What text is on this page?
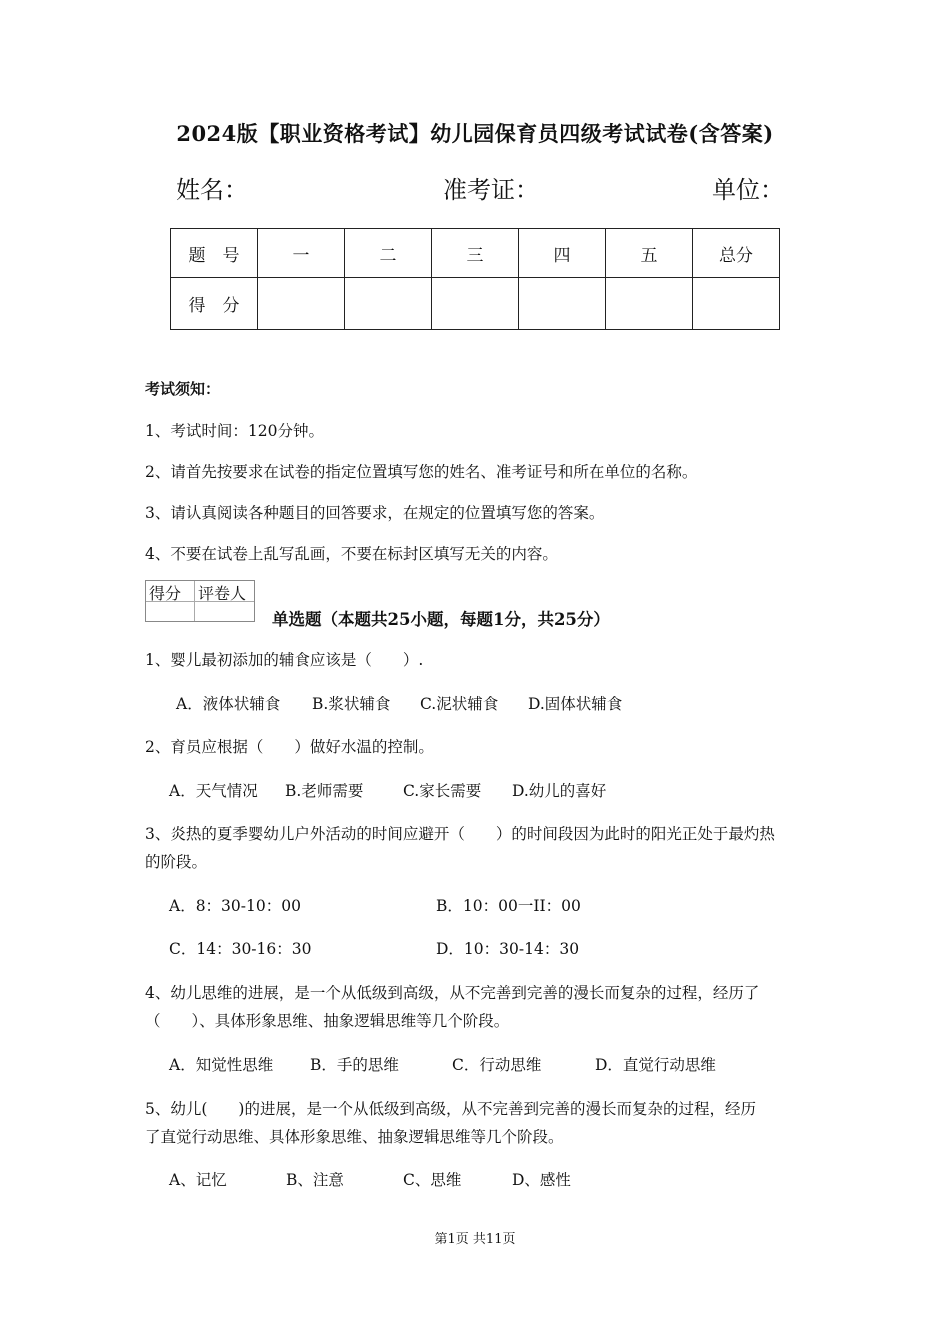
2024版【职业资格考试】幼儿园保育员四级考试试卷(含答案)
姓名：	准考证：	单位：
题　号	一	二	三	四	五	总分
得　分						
考试须知：
1、考试时间：120分钟。
2、请首先按要求在试卷的指定位置填写您的姓名、准考证号和所在单位的名称。
3、请认真阅读各种题目的回答要求，在规定的位置填写您的答案。
4、不要在试卷上乱写乱画，不要在标封区填写无关的内容。
得分 评卷人
单选题（本题共25小题，每题1分，共25分）
1、婴儿最初添加的辅食应该是（　　）.
A．液体状辅食 B.浆状辅食 C.泥状辅食 D.固体状辅食
2、育员应根据（　　）做好水温的控制。
A．天气情况 B.老师需要	C.家长需要 D.幼儿的喜好
3、炎热的夏季婴幼儿户外活动的时间应避开（　　）的时间段因为此时的阳光正处于最灼热
的阶段。
A．8：30-10：00	B．10：00一II：00
C．14：30-16：30	D．10：30-14：30
4、幼儿思维的进展，是一个从低级到高级，从不完善到完善的漫长而复杂的过程，经历了
（　　）、具体形象思维、抽象逻辑思维等几个阶段。
A．知觉性思维 B．手的思维	C．行动思维	D．直觉行动思维
5、幼儿(　　)的进展，是一个从低级到高级，从不完善到完善的漫长而复杂的过程，经历
了直觉行动思维、具体形象思维、抽象逻辑思维等几个阶段。
A、记忆	B、注意	C、思维	D、感性
第1页 共11页
